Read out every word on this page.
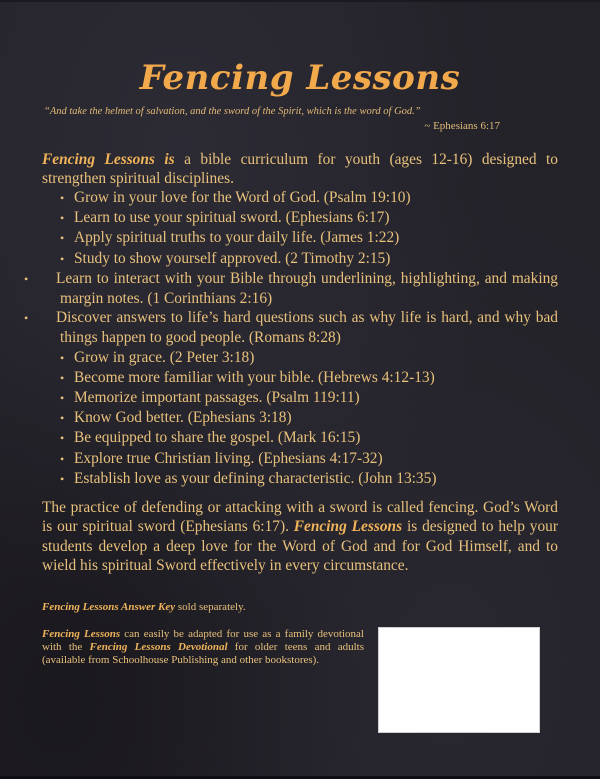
Fencing Lessons

“And take the helmet of salvation, and the sword of the Spirit, which is the word of God.”

~ Ephesians 6:17

Fencing Lessons is a bible curriculum for youth (ages 12-16) designed to strengthen spiritual disciplines.

• Grow in your love for the Word of God. (Psalm 19:10)
• Learn to use your spiritual sword. (Ephesians 6:17)
• Apply spiritual truths to your daily life. (James 1:22)
• Study to show yourself approved. (2 Timothy 2:15)
• Learn to interact with your Bible through underlining, highlighting, and making margin notes. (1 Corinthians 2:16)
• Discover answers to life’s hard questions such as why life is hard, and why bad things happen to good people. (Romans 8:28)
• Grow in grace. (2 Peter 3:18)
• Become more familiar with your bible. (Hebrews 4:12-13)
• Memorize important passages. (Psalm 119:11)
• Know God better. (Ephesians 3:18)
• Be equipped to share the gospel. (Mark 16:15)
• Explore true Christian living. (Ephesians 4:17-32)
• Establish love as your defining characteristic. (John 13:35)

The practice of defending or attacking with a sword is called fencing. God’s Word is our spiritual sword (Ephesians 6:17). Fencing Lessons is designed to help your students develop a deep love for the Word of God and for God Himself, and to wield his spiritual Sword effectively in every circumstance.

Fencing Lessons Answer Key sold separately.

Fencing Lessons can easily be adapted for use as a family devotional with the Fencing Lessons Devotional for older teens and adults (available from Schoolhouse Publishing and other bookstores).
